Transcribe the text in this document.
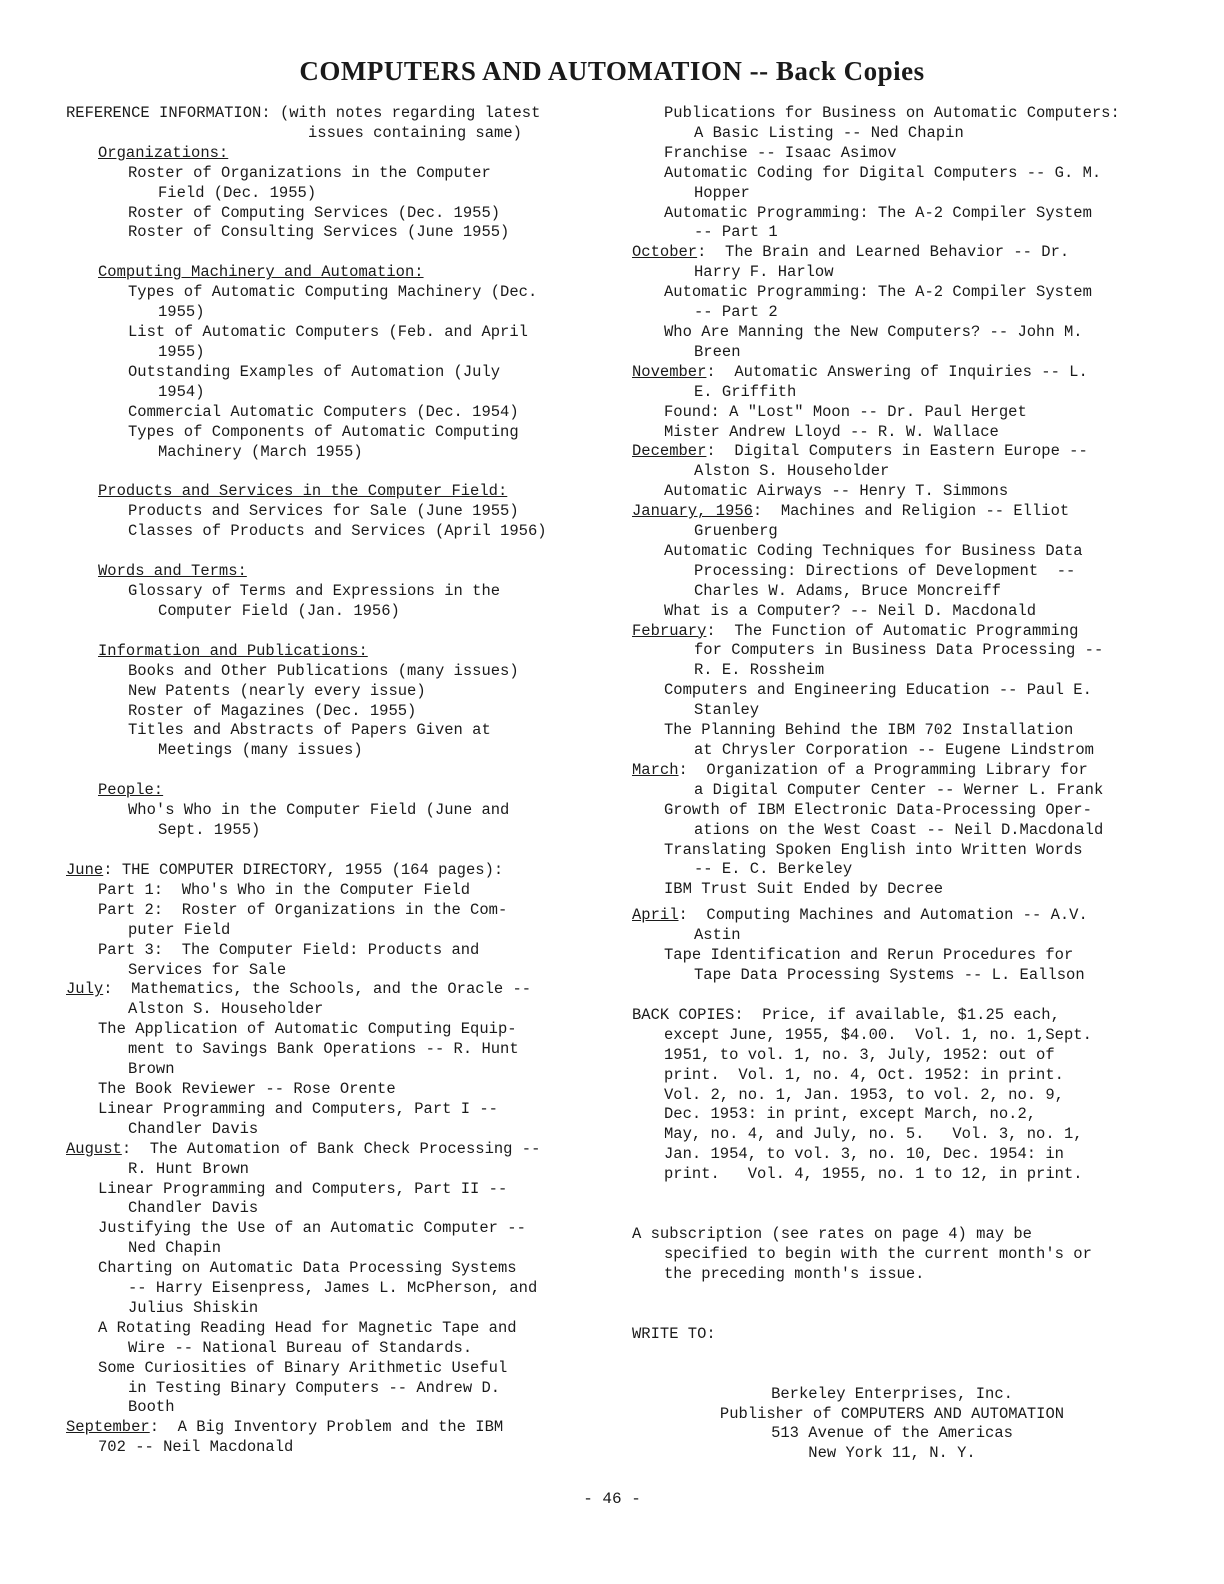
COMPUTERS AND AUTOMATION -- Back Copies
REFERENCE INFORMATION: (with notes regarding latest
issues containing same)
Organizations:
Roster of Organizations in the Computer
Field (Dec. 1955)
Roster of Computing Services (Dec. 1955)
Roster of Consulting Services (June 1955)
Computing Machinery and Automation:
Types of Automatic Computing Machinery (Dec.
1955)
List of Automatic Computers (Feb. and April
1955)
Outstanding Examples of Automation (July
1954)
Commercial Automatic Computers (Dec. 1954)
Types of Components of Automatic Computing
Machinery (March 1955)
Products and Services in the Computer Field:
Products and Services for Sale (June 1955)
Classes of Products and Services (April 1956)
Words and Terms:
Glossary of Terms and Expressions in the
Computer Field (Jan. 1956)
Information and Publications:
Books and Other Publications (many issues)
New Patents (nearly every issue)
Roster of Magazines (Dec. 1955)
Titles and Abstracts of Papers Given at
Meetings (many issues)
People:
Who's Who in the Computer Field (June and
Sept. 1955)
June: THE COMPUTER DIRECTORY, 1955 (164 pages):
Part 1:  Who's Who in the Computer Field
Part 2:  Roster of Organizations in the Com-
puter Field
Part 3:  The Computer Field: Products and
Services for Sale
July:  Mathematics, the Schools, and the Oracle --
Alston S. Householder
The Application of Automatic Computing Equip-
ment to Savings Bank Operations -- R. Hunt
Brown
The Book Reviewer -- Rose Orente
Linear Programming and Computers, Part I --
Chandler Davis
August:  The Automation of Bank Check Processing --
R. Hunt Brown
Linear Programming and Computers, Part II --
Chandler Davis
Justifying the Use of an Automatic Computer --
Ned Chapin
Charting on Automatic Data Processing Systems
-- Harry Eisenpress, James L. McPherson, and
Julius Shiskin
A Rotating Reading Head for Magnetic Tape and
Wire -- National Bureau of Standards.
Some Curiosities of Binary Arithmetic Useful
in Testing Binary Computers -- Andrew D.
Booth
September:  A Big Inventory Problem and the IBM
702 -- Neil Macdonald
Publications for Business on Automatic Computers:
A Basic Listing -- Ned Chapin
Franchise -- Isaac Asimov
Automatic Coding for Digital Computers -- G. M.
Hopper
Automatic Programming: The A-2 Compiler System
-- Part 1
October:  The Brain and Learned Behavior -- Dr.
Harry F. Harlow
Automatic Programming: The A-2 Compiler System
-- Part 2
Who Are Manning the New Computers? -- John M.
Breen
November:  Automatic Answering of Inquiries -- L.
E. Griffith
Found: A "Lost" Moon -- Dr. Paul Herget
Mister Andrew Lloyd -- R. W. Wallace
December:  Digital Computers in Eastern Europe --
Alston S. Householder
Automatic Airways -- Henry T. Simmons
January, 1956:  Machines and Religion -- Elliot
Gruenberg
Automatic Coding Techniques for Business Data
Processing: Directions of Development  --
Charles W. Adams, Bruce Moncreiff
What is a Computer? -- Neil D. Macdonald
February:  The Function of Automatic Programming
for Computers in Business Data Processing --
R. E. Rossheim
Computers and Engineering Education -- Paul E.
Stanley
The Planning Behind the IBM 702 Installation
at Chrysler Corporation -- Eugene Lindstrom
March:  Organization of a Programming Library for
a Digital Computer Center -- Werner L. Frank
Growth of IBM Electronic Data-Processing Oper-
ations on the West Coast -- Neil D.Macdonald
Translating Spoken English into Written Words
-- E. C. Berkeley
IBM Trust Suit Ended by Decree
April:  Computing Machines and Automation -- A.V.
Astin
Tape Identification and Rerun Procedures for
Tape Data Processing Systems -- L. Eallson
BACK COPIES:  Price, if available, $1.25 each,
except June, 1955, $4.00.  Vol. 1, no. 1,Sept.
1951, to vol. 1, no. 3, July, 1952: out of
print.  Vol. 1, no. 4, Oct. 1952: in print.
Vol. 2, no. 1, Jan. 1953, to vol. 2, no. 9,
Dec. 1953: in print, except March, no.2,
May, no. 4, and July, no. 5.   Vol. 3, no. 1,
Jan. 1954, to vol. 3, no. 10, Dec. 1954: in
print.   Vol. 4, 1955, no. 1 to 12, in print.
A subscription (see rates on page 4) may be
specified to begin with the current month's or
the preceding month's issue.
WRITE TO:
Berkeley Enterprises, Inc.
Publisher of COMPUTERS AND AUTOMATION
513 Avenue of the Americas
New York 11, N. Y.
- 46 -
